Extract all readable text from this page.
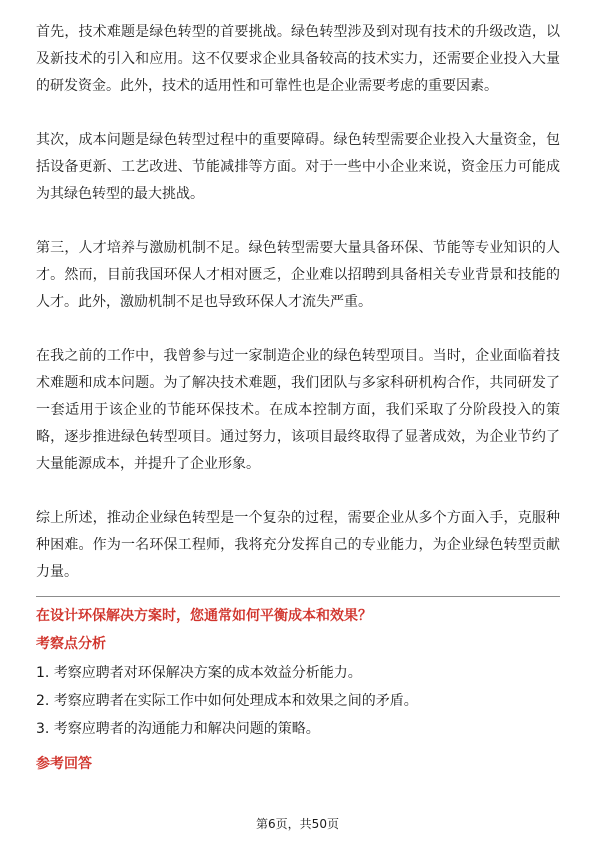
首先，技术难题是绿色转型的首要挑战。绿色转型涉及到对现有技术的升级改造，以及新技术的引入和应用。这不仅要求企业具备较高的技术实力，还需要企业投入大量的研发资金。此外，技术的适用性和可靠性也是企业需要考虑的重要因素。

其次，成本问题是绿色转型过程中的重要障碍。绿色转型需要企业投入大量资金，包括设备更新、工艺改进、节能减排等方面。对于一些中小企业来说，资金压力可能成为其绿色转型的最大挑战。

第三，人才培养与激励机制不足。绿色转型需要大量具备环保、节能等专业知识的人才。然而，目前我国环保人才相对匮乏，企业难以招聘到具备相关专业背景和技能的人才。此外，激励机制不足也导致环保人才流失严重。

在我之前的工作中，我曾参与过一家制造企业的绿色转型项目。当时，企业面临着技术难题和成本问题。为了解决技术难题，我们团队与多家科研机构合作，共同研发了一套适用于该企业的节能环保技术。在成本控制方面，我们采取了分阶段投入的策略，逐步推进绿色转型项目。通过努力，该项目最终取得了显著成效，为企业节约了大量能源成本，并提升了企业形象。

综上所述，推动企业绿色转型是一个复杂的过程，需要企业从多个方面入手，克服种种困难。作为一名环保工程师，我将充分发挥自己的专业能力，为企业绿色转型贡献力量。

在设计环保解决方案时，您通常如何平衡成本和效果？
考察点分析
1. 考察应聘者对环保解决方案的成本效益分析能力。
2. 考察应聘者在实际工作中如何处理成本和效果之间的矛盾。
3. 考察应聘者的沟通能力和解决问题的策略。
参考回答
第6页，共50页
